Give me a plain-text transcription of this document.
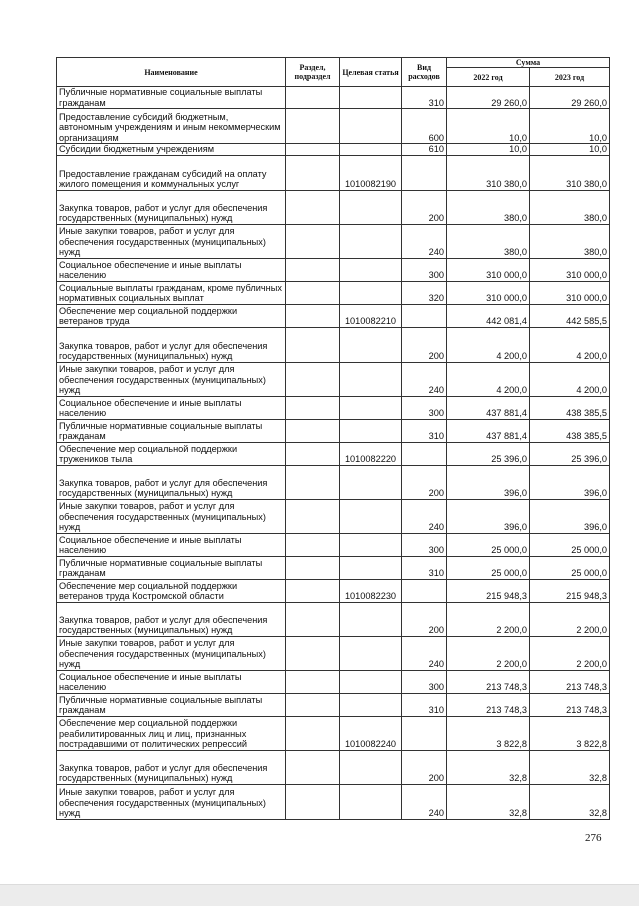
Наименование	Раздел, подраздел	Целевая статья	Вид расходов	Сумма	
				2022 год	2023 год
Публичные нормативные социальные выплаты гражданам			310	29 260,0	29 260,0
Предоставление субсидий бюджетным, автономным учреждениям и иным некоммерческим организациям			600	10,0	10,0
Субсидии бюджетным учреждениям			610	10,0	10,0
Предоставление гражданам субсидий на оплату жилого помещения и коммунальных услуг		1010082190		310 380,0	310 380,0
Закупка товаров, работ и услуг для обеспечения государственных (муниципальных) нужд			200	380,0	380,0
Иные закупки товаров, работ и услуг для обеспечения государственных (муниципальных) нужд			240	380,0	380,0
Социальное обеспечение и иные выплаты населению			300	310 000,0	310 000,0
Социальные выплаты гражданам, кроме публичных нормативных социальных выплат			320	310 000,0	310 000,0
Обеспечение мер социальной поддержки ветеранов труда		1010082210		442 081,4	442 585,5
Закупка товаров, работ и услуг для обеспечения государственных (муниципальных) нужд			200	4 200,0	4 200,0
Иные закупки товаров, работ и услуг для обеспечения государственных (муниципальных) нужд			240	4 200,0	4 200,0
Социальное обеспечение и иные выплаты населению			300	437 881,4	438 385,5
Публичные нормативные социальные выплаты гражданам			310	437 881,4	438 385,5
Обеспечение мер социальной поддержки тружеников тыла		1010082220		25 396,0	25 396,0
Закупка товаров, работ и услуг для обеспечения государственных (муниципальных) нужд			200	396,0	396,0
Иные закупки товаров, работ и услуг для обеспечения государственных (муниципальных) нужд			240	396,0	396,0
Социальное обеспечение и иные выплаты населению			300	25 000,0	25 000,0
Публичные нормативные социальные выплаты гражданам			310	25 000,0	25 000,0
Обеспечение мер социальной поддержки ветеранов труда Костромской области		1010082230		215 948,3	215 948,3
Закупка товаров, работ и услуг для обеспечения государственных (муниципальных) нужд			200	2 200,0	2 200,0
Иные закупки товаров, работ и услуг для обеспечения государственных (муниципальных) нужд			240	2 200,0	2 200,0
Социальное обеспечение и иные выплаты населению			300	213 748,3	213 748,3
Публичные нормативные социальные выплаты гражданам			310	213 748,3	213 748,3
Обеспечение мер социальной поддержки реабилитированных лиц и лиц, признанных пострадавшими от политических репрессий		1010082240		3 822,8	3 822,8
Закупка товаров, работ и услуг для обеспечения государственных (муниципальных) нужд			200	32,8	32,8
Иные закупки товаров, работ и услуг для обеспечения государственных (муниципальных) нужд			240	32,8	32,8
276
